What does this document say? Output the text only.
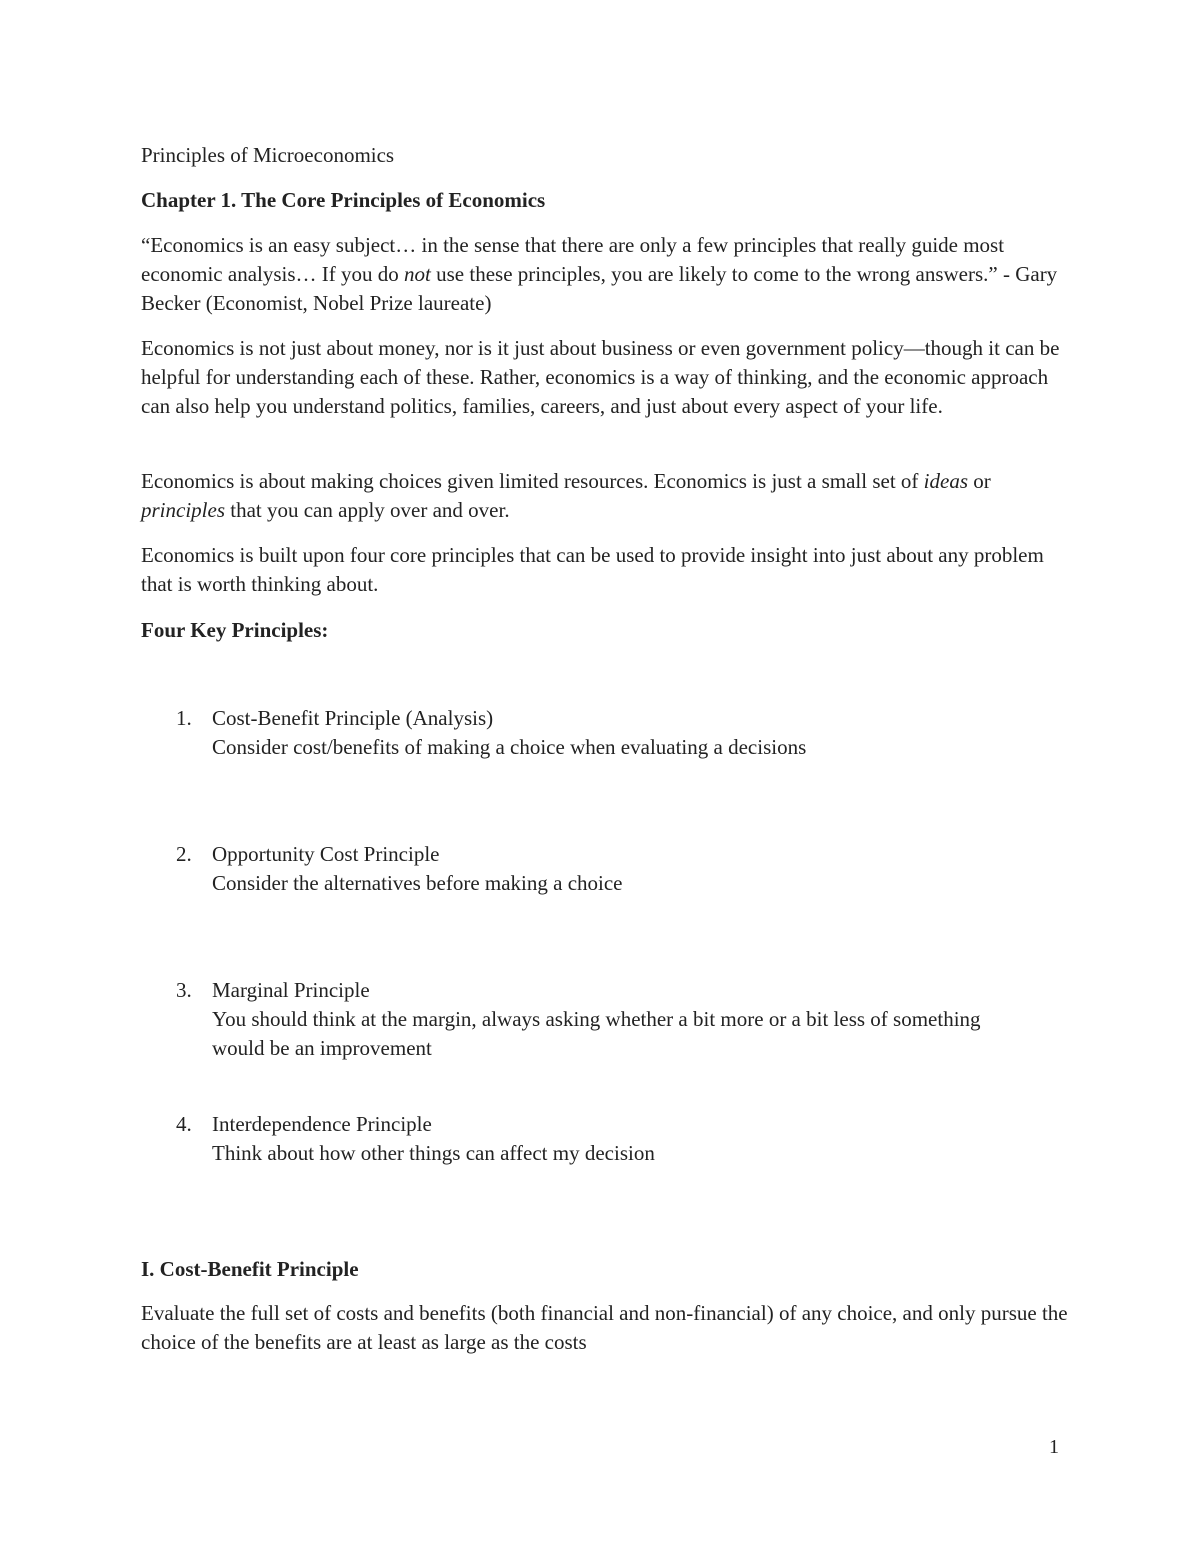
Principles of Microeconomics

Chapter 1. The Core Principles of Economics

“Economics is an easy subject… in the sense that there are only a few principles that really guide most economic analysis… If you do not use these principles, you are likely to come to the wrong answers.” - Gary Becker (Economist, Nobel Prize laureate)

Economics is not just about money, nor is it just about business or even government policy—though it can be helpful for understanding each of these. Rather, economics is a way of thinking, and the economic approach can also help you understand politics, families, careers, and just about every aspect of your life.

Economics is about making choices given limited resources. Economics is just a small set of ideas or principles that you can apply over and over.

Economics is built upon four core principles that can be used to provide insight into just about any problem that is worth thinking about.

Four Key Principles:

1. Cost-Benefit Principle (Analysis)
Consider cost/benefits of making a choice when evaluating a decisions
2. Opportunity Cost Principle
Consider the alternatives before making a choice
3. Marginal Principle
You should think at the margin, always asking whether a bit more or a bit less of something would be an improvement
4. Interdependence Principle
Think about how other things can affect my decision

I. Cost-Benefit Principle

Evaluate the full set of costs and benefits (both financial and non-financial) of any choice, and only pursue the choice of the benefits are at least as large as the costs

1
